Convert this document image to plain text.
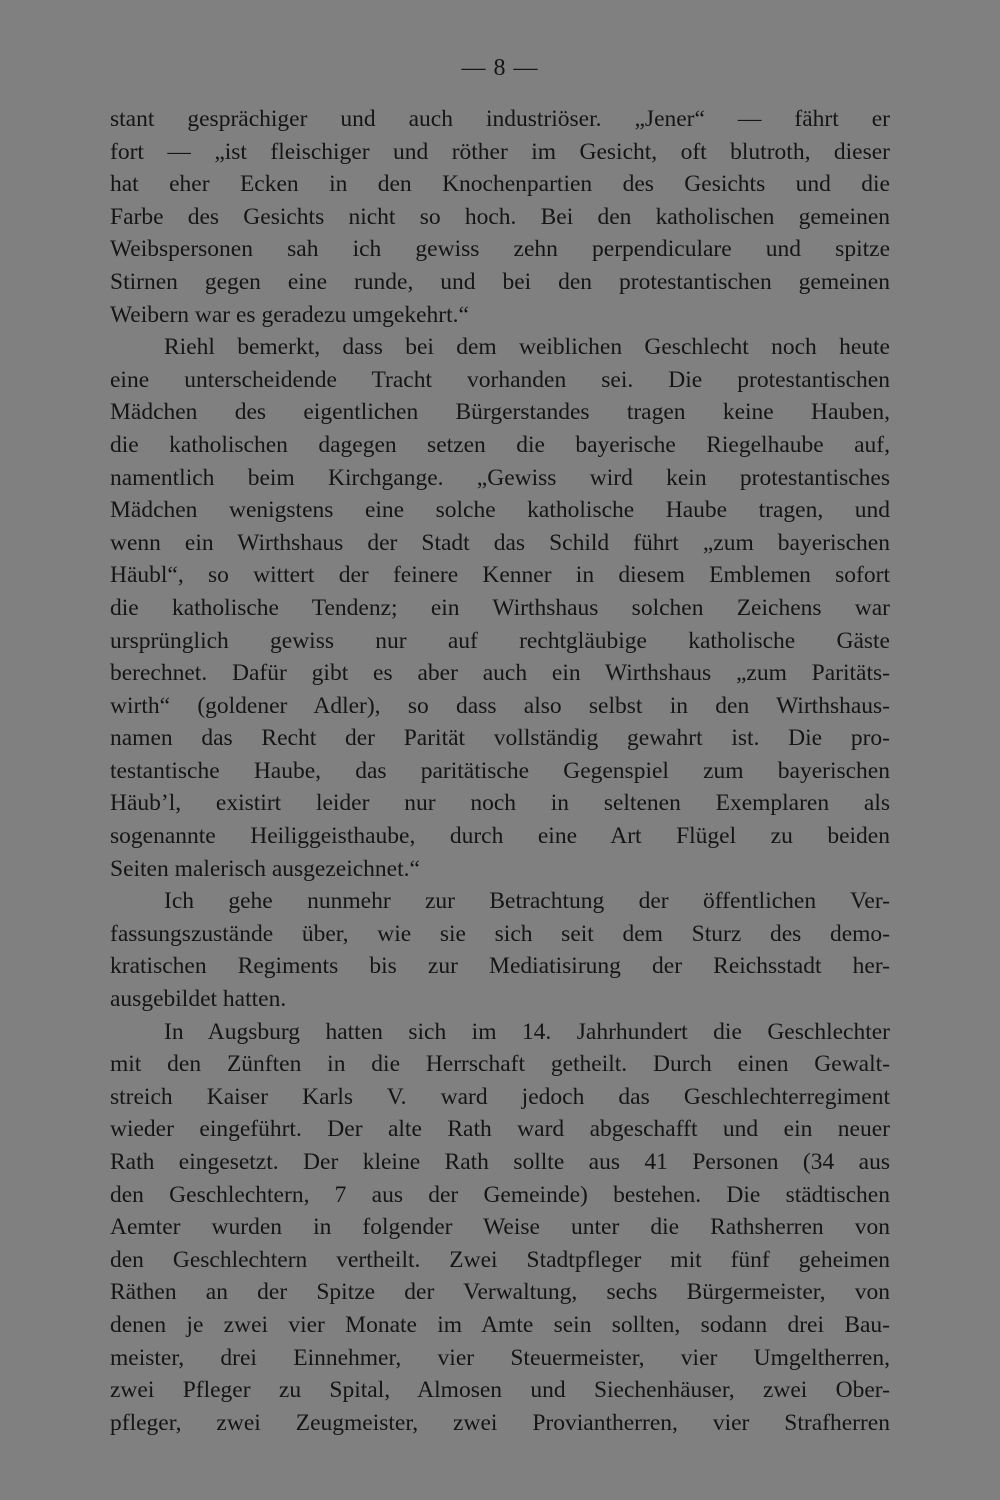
— 8 —
stant gesprächiger und auch industriöser. „Jener“ — fährt er
fort — „ist fleischiger und röther im Gesicht, oft blutroth, dieser
hat eher Ecken in den Knochenpartien des Gesichts und die
Farbe des Gesichts nicht so hoch. Bei den katholischen gemeinen
Weibspersonen sah ich gewiss zehn perpendiculare und spitze
Stirnen gegen eine runde, und bei den protestantischen gemeinen
Weibern war es geradezu umgekehrt.“
Riehl bemerkt, dass bei dem weiblichen Geschlecht noch heute
eine unterscheidende Tracht vorhanden sei. Die protestantischen
Mädchen des eigentlichen Bürgerstandes tragen keine Hauben,
die katholischen dagegen setzen die bayerische Riegelhaube auf,
namentlich beim Kirchgange. „Gewiss wird kein protestantisches
Mädchen wenigstens eine solche katholische Haube tragen, und
wenn ein Wirthshaus der Stadt das Schild führt „zum bayerischen
Häubl“, so wittert der feinere Kenner in diesem Emblemen sofort
die katholische Tendenz; ein Wirthshaus solchen Zeichens war
ursprünglich gewiss nur auf rechtgläubige katholische Gäste
berechnet. Dafür gibt es aber auch ein Wirthshaus „zum Paritäts-
wirth“ (goldener Adler), so dass also selbst in den Wirthshaus-
namen das Recht der Parität vollständig gewahrt ist. Die pro-
testantische Haube, das paritätische Gegenspiel zum bayerischen
Häub’l, existirt leider nur noch in seltenen Exemplaren als
sogenannte Heiliggeisthaube, durch eine Art Flügel zu beiden
Seiten malerisch ausgezeichnet.“
Ich gehe nunmehr zur Betrachtung der öffentlichen Ver-
fassungszustände über, wie sie sich seit dem Sturz des demo-
kratischen Regiments bis zur Mediatisirung der Reichsstadt her-
ausgebildet hatten.
In Augsburg hatten sich im 14. Jahrhundert die Geschlechter
mit den Zünften in die Herrschaft getheilt. Durch einen Gewalt-
streich Kaiser Karls V. ward jedoch das Geschlechterregiment
wieder eingeführt. Der alte Rath ward abgeschafft und ein neuer
Rath eingesetzt. Der kleine Rath sollte aus 41 Personen (34 aus
den Geschlechtern, 7 aus der Gemeinde) bestehen. Die städtischen
Aemter wurden in folgender Weise unter die Rathsherren von
den Geschlechtern vertheilt. Zwei Stadtpfleger mit fünf geheimen
Räthen an der Spitze der Verwaltung, sechs Bürgermeister, von
denen je zwei vier Monate im Amte sein sollten, sodann drei Bau-
meister, drei Einnehmer, vier Steuermeister, vier Umgeltherren,
zwei Pfleger zu Spital, Almosen und Siechenhäuser, zwei Ober-
pfleger, zwei Zeugmeister, zwei Proviantherren, vier Strafherren
